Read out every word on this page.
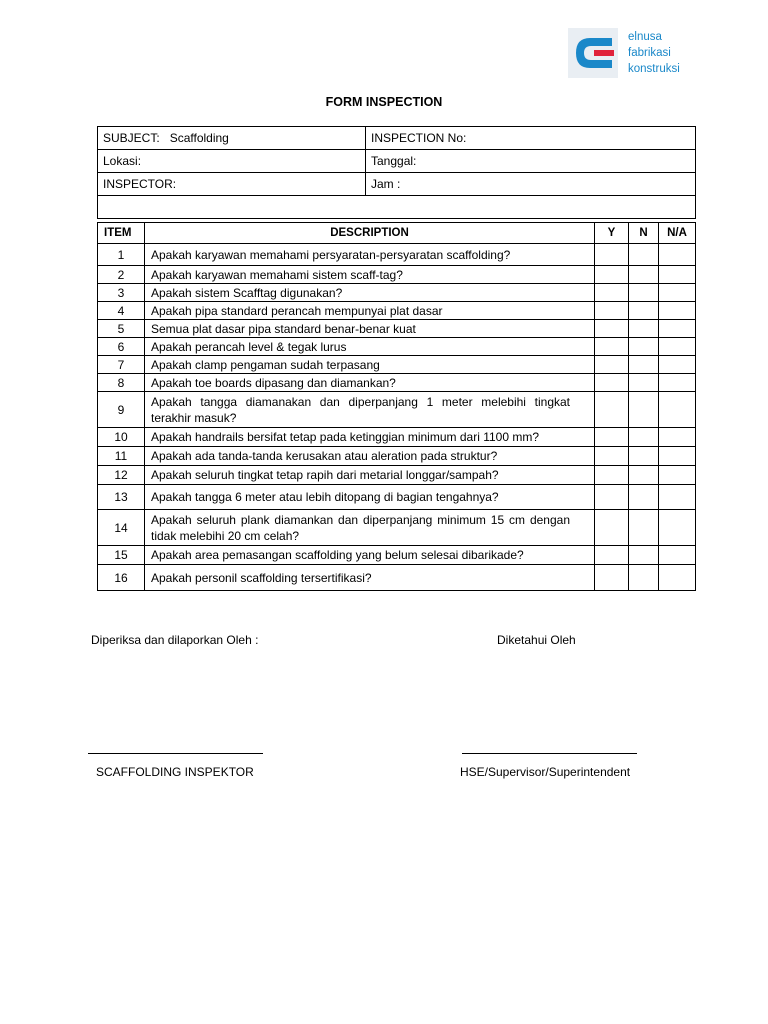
elnusa
fabrikasi
konstruksi
FORM INSPECTION
SUBJECT: Scaffolding	INSPECTION No:
Lokasi:	Tanggal:
INSPECTOR:	Jam :

ITEM	DESCRIPTION	Y	N	N/A
1	Apakah karyawan memahami persyaratan-persyaratan scaffolding?			
2	Apakah karyawan memahami sistem scaff-tag?			
3	Apakah sistem Scafftag digunakan?			
4	Apakah pipa standard perancah mempunyai plat dasar			
5	Semua plat dasar pipa standard benar-benar kuat			
6	Apakah perancah level & tegak lurus			
7	Apakah clamp pengaman sudah terpasang			
8	Apakah toe boards dipasang dan diamankan?			
9	Apakah tangga diamanakan dan diperpanjang 1 meter melebihi tingkat terakhir masuk?			
10	Apakah handrails bersifat tetap pada ketinggian minimum dari 1100 mm?			
11	Apakah ada tanda-tanda kerusakan atau aleration pada struktur?			
12	Apakah seluruh tingkat tetap rapih dari metarial longgar/sampah?			
13	Apakah tangga 6 meter atau lebih ditopang di bagian tengahnya?			
14	Apakah seluruh plank diamankan dan diperpanjang minimum 15 cm dengan tidak melebihi 20 cm celah?			
15	Apakah area pemasangan scaffolding yang belum selesai dibarikade?			
16	Apakah personil scaffolding tersertifikasi?			
Diperiksa dan dilaporkan Oleh :	Diketahui Oleh
SCAFFOLDING INSPEKTOR	HSE/Supervisor/Superintendent
